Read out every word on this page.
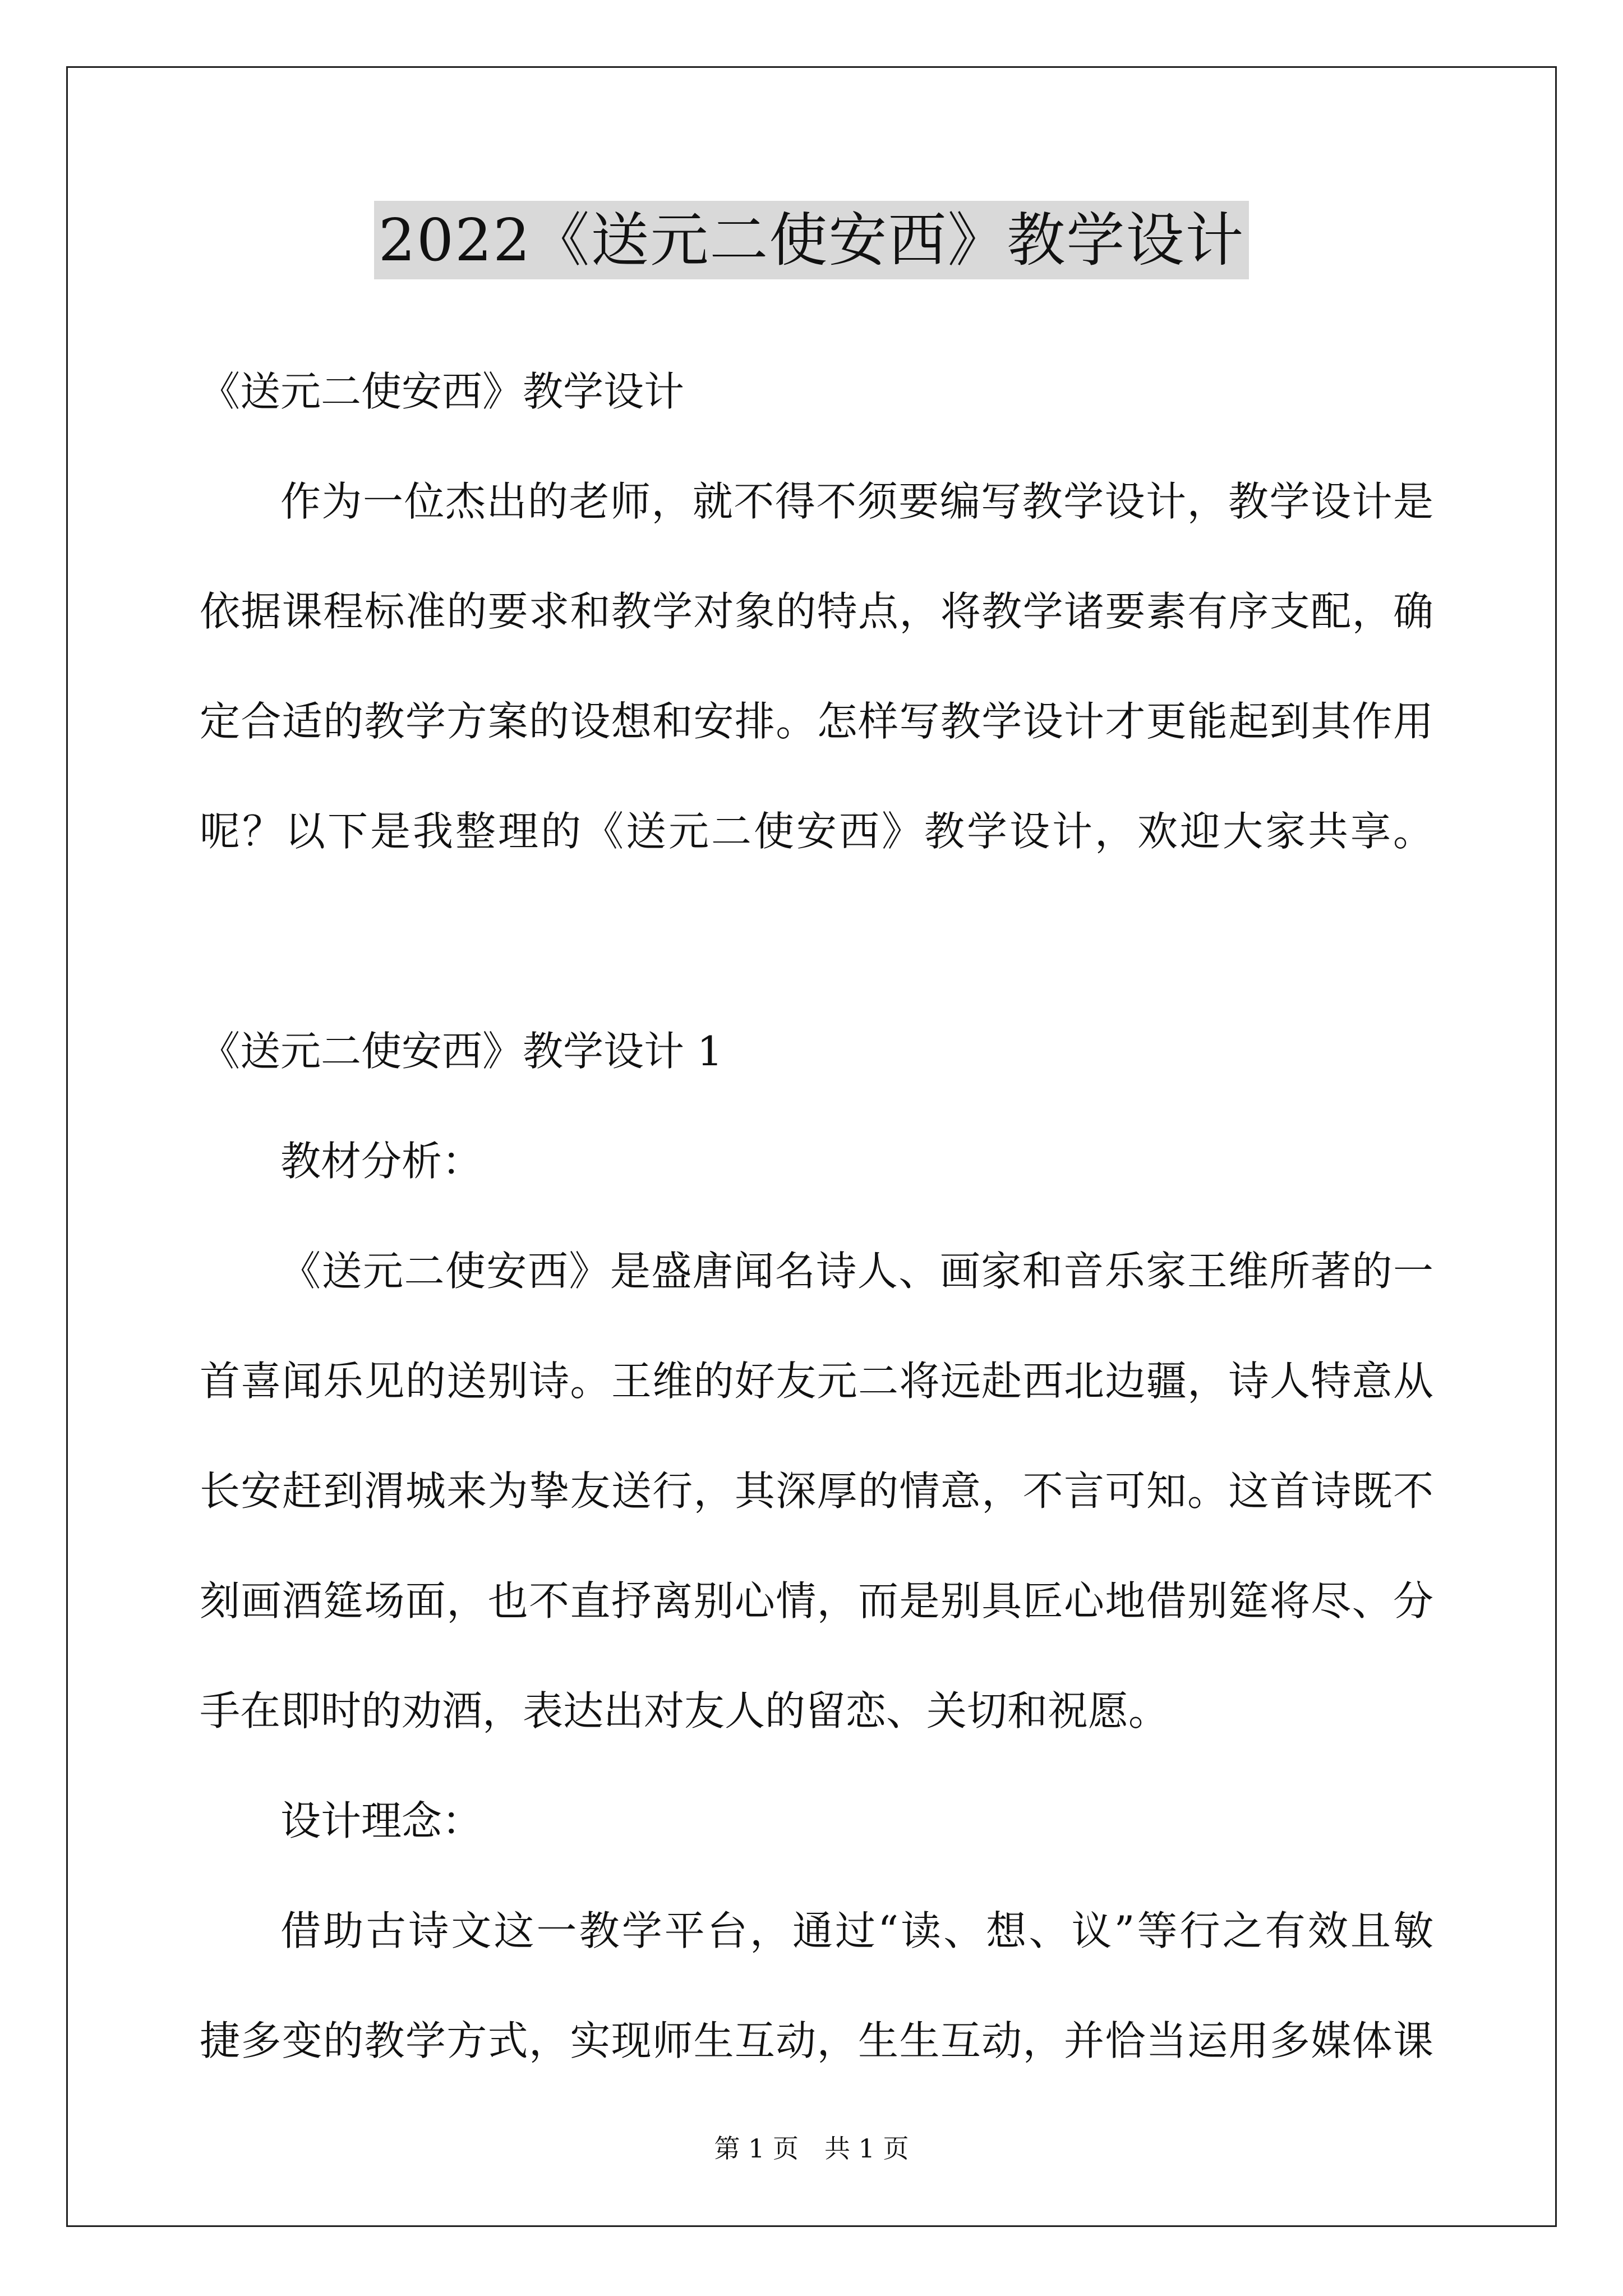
2022《送元二使安西》教学设计
《送元二使安西》教学设计
作为一位杰出的老师，就不得不须要编写教学设计，教学设计是
依据课程标准的要求和教学对象的特点，将教学诸要素有序支配，确
定合适的教学方案的设想和安排。怎样写教学设计才更能起到其作用
呢？以下是我整理的《送元二使安西》教学设计，欢迎大家共享。
《送元二使安西》教学设计 1
教材分析：
《送元二使安西》是盛唐闻名诗人、画家和音乐家王维所著的一
首喜闻乐见的送别诗。王维的好友元二将远赴西北边疆，诗人特意从
长安赶到渭城来为挚友送行，其深厚的情意，不言可知。这首诗既不
刻画酒筵场面，也不直抒离别心情，而是别具匠心地借别筵将尽、分
手在即时的劝酒，表达出对友人的留恋、关切和祝愿。
设计理念：
借助古诗文这一教学平台，通过“读、想、议”等行之有效且敏
捷多变的教学方式，实现师生互动，生生互动，并恰当运用多媒体课
第 1 页　共 1 页
